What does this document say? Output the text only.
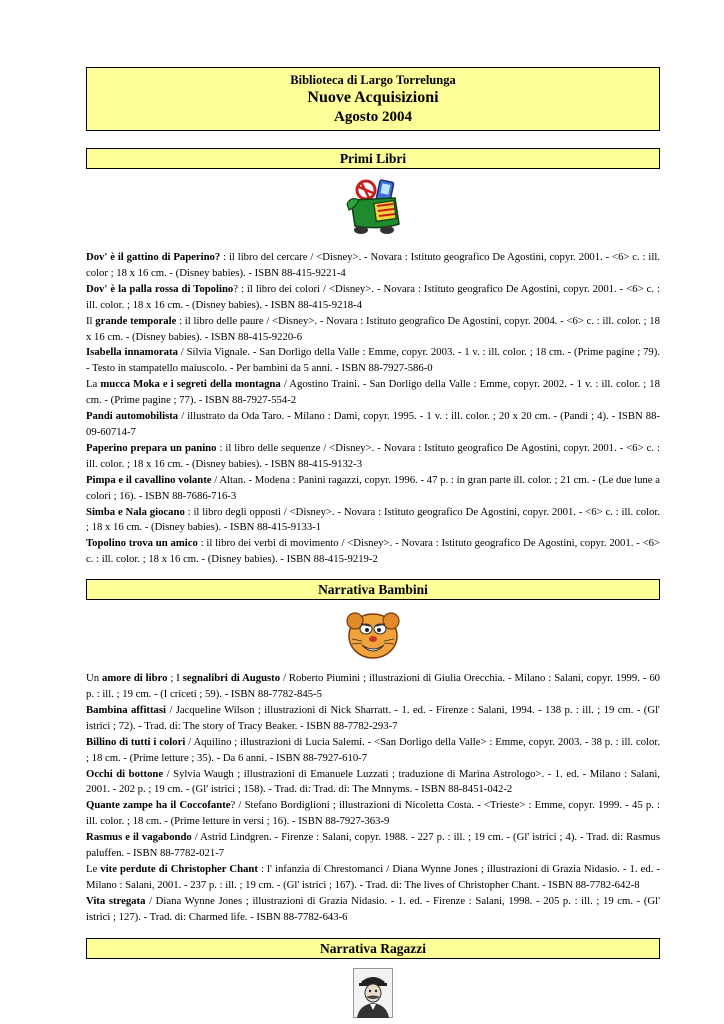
Biblioteca di Largo Torrelunga
Nuove Acquisizioni
Agosto 2004
Primi Libri

Dov' è il gattino di Paperino? : il libro del cercare / <Disney>. - Novara : Istituto geografico De Agostini, copyr. 2001. - <6> c. : ill. color ; 18 x 16 cm. - (Disney babies). - ISBN 88-415-9221-4

Dov' è la palla rossa di Topolino? : il libro dei colori / <Disney>. - Novara : Istituto geografico De Agostini, copyr. 2001. - <6> c. : ill. color. ; 18 x 16 cm. - (Disney babies). - ISBN 88-415-9218-4

Il grande temporale : il libro delle paure / <Disney>. - Novara : Istituto geografico De Agostini, copyr. 2004. - <6> c. : ill. color. ; 18 x 16 cm. - (Disney babies). - ISBN 88-415-9220-6

Isabella innamorata / Silvia Vignale. - San Dorligo della Valle : Emme, copyr. 2003. - 1 v. : ill. color. ; 18 cm. - (Prime pagine ; 79). - Testo in stampatello maiuscolo. - Per bambini da 5 anni. - ISBN 88-7927-586-0

La mucca Moka e i segreti della montagna / Agostino Traini. - San Dorligo della Valle : Emme, copyr. 2002. - 1 v. : ill. color. ; 18 cm. - (Prime pagine ; 77). - ISBN 88-7927-554-2

Pandi automobilista / illustrato da Oda Taro. - Milano : Dami, copyr. 1995. - 1 v. : ill. color. ; 20 x 20 cm. - (Pandi ; 4). - ISBN 88-09-60714-7

Paperino prepara un panino : il libro delle sequenze / <Disney>. - Novara : Istituto geografico De Agostini, copyr. 2001. - <6> c. : ill. color. ; 18 x 16 cm. - (Disney babies). - ISBN 88-415-9132-3

Pimpa e il cavallino volante / Altan. - Modena : Panini ragazzi, copyr. 1996. - 47 p. : in gran parte ill. color. ; 21 cm. - (Le due lune a colori ; 16). - ISBN 88-7686-716-3

Simba e Nala giocano : il libro degli opposti / <Disney>. - Novara : Istituto geografico De Agostini, copyr. 2001. - <6> c. : ill. color. ; 18 x 16 cm. - (Disney babies). - ISBN 88-415-9133-1

Topolino trova un amico : il libro dei verbi di movimento / <Disney>. - Novara : Istituto geografico De Agostini, copyr. 2001. - <6> c. : ill. color. ; 18 x 16 cm. - (Disney babies). - ISBN 88-415-9219-2

Narrativa Bambini

Un amore di libro ; I segnalibri di Augusto / Roberto Piumini ; illustrazioni di Giulia Orecchia. - Milano : Salani, copyr. 1999. - 60 p. : ill. ; 19 cm. - (I criceti ; 59). - ISBN 88-7782-845-5

Bambina affittasi / Jacqueline Wilson ; illustrazioni di Nick Sharratt. - 1. ed. - Firenze : Salani, 1994. - 138 p. : ill. ; 19 cm. - (Gl' istrici ; 72). - Trad. di: The story of Tracy Beaker. - ISBN 88-7782-293-7

Billino di tutti i colori / Aquilino ; illustrazioni di Lucia Salemi. - <San Dorligo della Valle> : Emme, copyr. 2003. - 38 p. : ill. color. ; 18 cm. - (Prime letture ; 35). - Da 6 anni. - ISBN 88-7927-610-7

Occhi di bottone / Sylvia Waugh ; illustrazioni di Emanuele Luzzati ; traduzione di Marina Astrologo>. - 1. ed. - Milano : Salani, 2001. - 202 p. ; 19 cm. - (Gl' istrici ; 158). - Trad. di: Trad. di: The Mnnyms. - ISBN 88-8451-042-2

Quante zampe ha il Coccofante? / Stefano Bordiglioni ; illustrazioni di Nicoletta Costa. - <Trieste> : Emme, copyr. 1999. - 45 p. : ill. color. ; 18 cm. - (Prime letture in versi ; 16). - ISBN 88-7927-363-9

Rasmus e il vagabondo / Astrid Lindgren. - Firenze : Salani, copyr. 1988. - 227 p. : ill. ; 19 cm. - (Gl' istrici ; 4). - Trad. di: Rasmus paluffen. - ISBN 88-7782-021-7

Le vite perdute di Christopher Chant : l' infanzia di Chrestomanci / Diana Wynne Jones ; illustrazioni di Grazia Nidasio. - 1. ed. - Milano : Salani, 2001. - 237 p. : ill. ; 19 cm. - (Gl' istrici ; 167). - Trad. di: The lives of Christopher Chant. - ISBN 88-7782-642-8

Vita stregata / Diana Wynne Jones ; illustrazioni di Grazia Nidasio. - 1. ed. - Firenze : Salani, 1998. - 205 p. : ill. ; 19 cm. - (Gl' istrici ; 127). - Trad. di: Charmed life. - ISBN 88-7782-643-6

Narrativa Ragazzi
